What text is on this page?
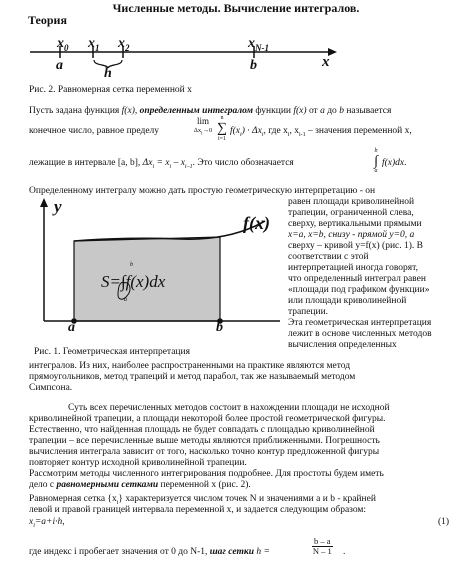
Численные методы. Вычисление интегралов.
Теория
$x_0$ $x_1$ $x_2$	$x_{N-1}$
a
h
b	x
Рис. 2. Равномерная сетка переменной x
Пусть задана функция f(x), определенным интегралом функции f(x) от a до b называется
конечное число, равное пределу
lim
$\Delta x_i\to 0$
n
∑
i=1
$f(x_i) \cdot \Delta x_i$, где $x_i$, $x_{i-1}$ – значения переменной x,
лежащие в интервале [a, b], $\Delta x_i = x_i - x_{i-1}$. Это число обозначается
b
∫
a
f(x)dx.
Определенному интегралу можно дать простую геометрическую интерпретацию - он
y
f(x)
S=∫f(x)dx
b
a
a	b
Рис. 1. Геометрическая интерпретация
равен площади криволинейной
трапеции, ограниченной слева,
сверху, вертикальными прямыми
x=a, x=b, снизу - прямой y=0, а
сверху – кривой y=f(x) (рис. 1). В
соответствии с этой
интерпретацией иногда говорят,
что определенный интеграл равен
«площади под графиком функции»
или площади криволинейной
трапеции.
Эта геометрическая интерпретация
лежит в основе численных методов
вычисления определенных
интегралов. Из них, наиболее распространенными на практике являются метод
прямоугольников, метод трапеций и метод парабол, так же называемый методом
Симпсона.
Суть всех перечисленных методов состоит в нахождении площади не исходной
криволинейной трапеции, а площади некоторой более простой геометрической фигуры.
Естественно, что найденная площадь не будет совпадать с площадью криволинейной
трапеции – все перечисленные выше методы являются приближенными. Погрешность
вычисления интеграла зависит от того, насколько точно контур предложенной фигуры
повторяет контур исходной криволинейной трапеции.
Рассмотрим методы численного интегрирования подробнее. Для простоты будем иметь
дело с равномерными сетками переменной x (рис. 2).
Равномерная сетка $\{x_i\}$ характеризуется числом точек N и значениями a и b - крайней
левой и правой границей интервала переменной x, и задается следующим образом:
$x_i=a+i\cdot h$,	(1)
где индекс i пробегает значения от 0 до N-1, шаг сетки h =	$\frac{b - a}{N - 1}$ .
